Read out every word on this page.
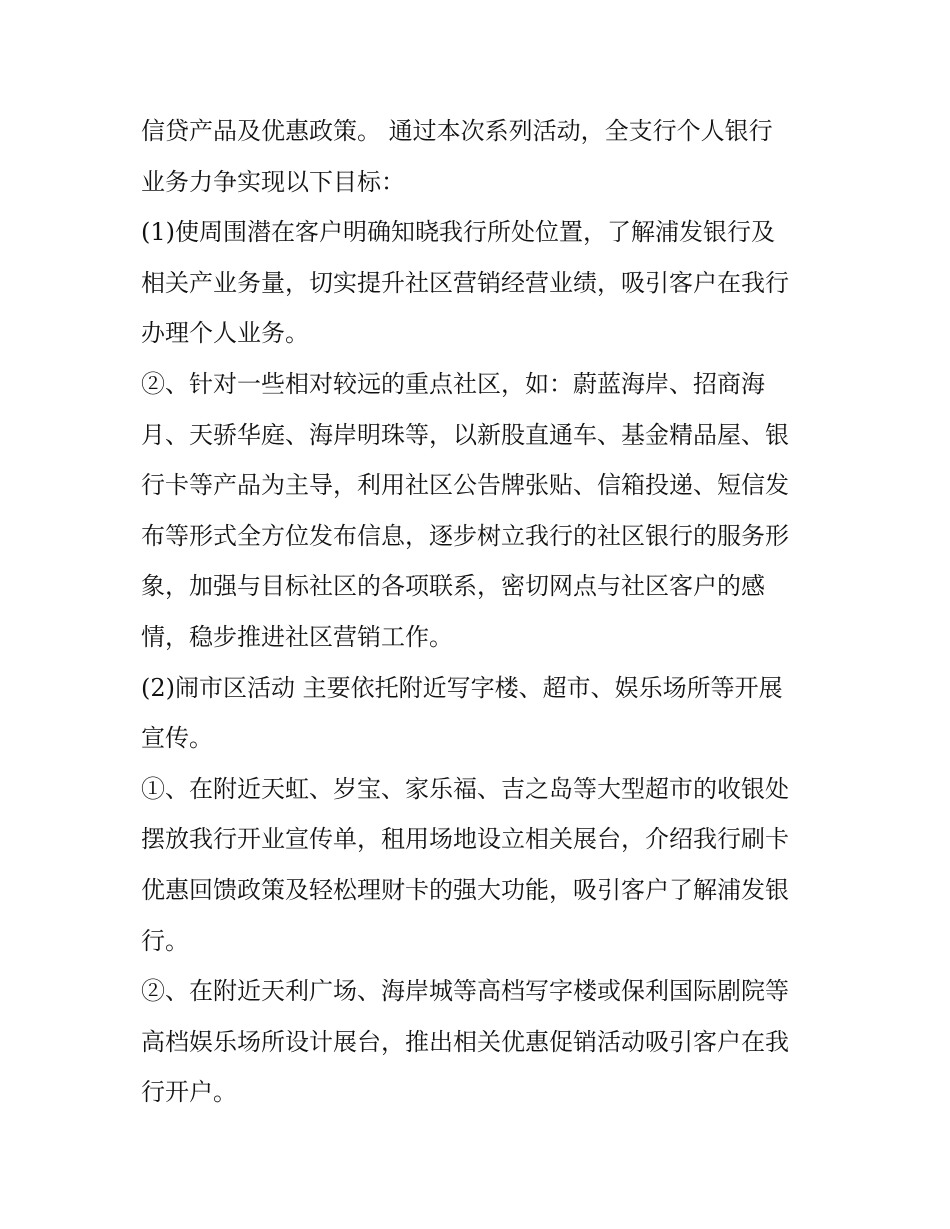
信贷产品及优惠政策。 通过本次系列活动，全支行个人银行
业务力争实现以下目标：
(1)使周围潜在客户明确知晓我行所处位置，了解浦发银行及
相关产业务量，切实提升社区营销经营业绩，吸引客户在我行
办理个人业务。
②、针对一些相对较远的重点社区，如：蔚蓝海岸、招商海
月、天骄华庭、海岸明珠等，以新股直通车、基金精品屋、银
行卡等产品为主导，利用社区公告牌张贴、信箱投递、短信发
布等形式全方位发布信息，逐步树立我行的社区银行的服务形
象，加强与目标社区的各项联系，密切网点与社区客户的感
情，稳步推进社区营销工作。
(2)闹市区活动 主要依托附近写字楼、超市、娱乐场所等开展
宣传。
①、在附近天虹、岁宝、家乐福、吉之岛等大型超市的收银处
摆放我行开业宣传单，租用场地设立相关展台，介绍我行刷卡
优惠回馈政策及轻松理财卡的强大功能，吸引客户了解浦发银
行。
②、在附近天利广场、海岸城等高档写字楼或保利国际剧院等
高档娱乐场所设计展台，推出相关优惠促销活动吸引客户在我
行开户。
